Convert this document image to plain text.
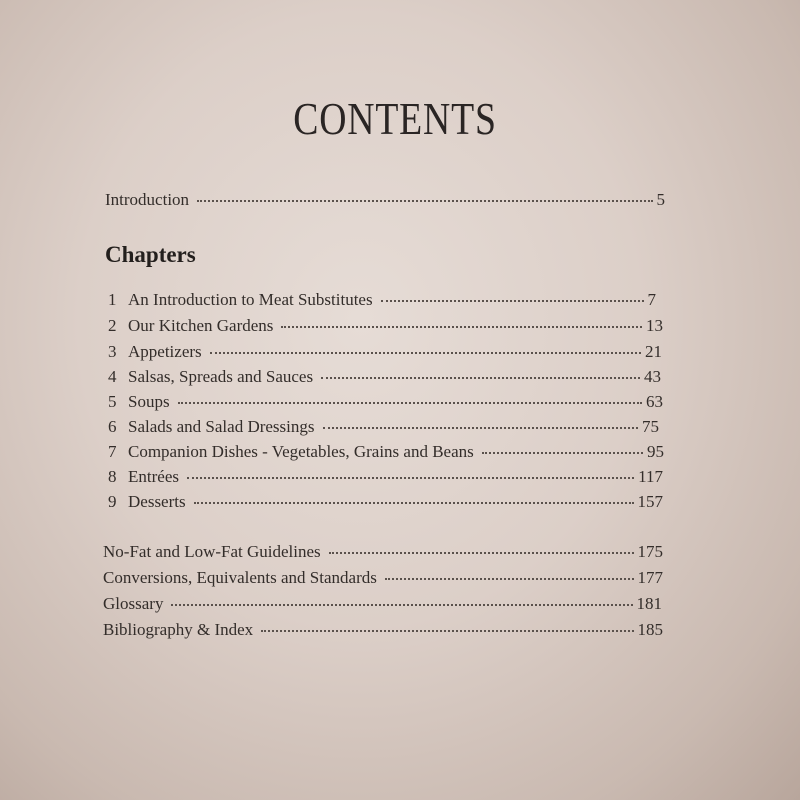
CONTENTS
Introduction	5
Chapters
1 An Introduction to Meat Substitutes	7
2 Our Kitchen Gardens	13
3 Appetizers	21
4 Salsas, Spreads and Sauces	43
5 Soups	63
6 Salads and Salad Dressings	75
7 Companion Dishes - Vegetables, Grains and Beans	95
8 Entrées	117
9 Desserts	157
No-Fat and Low-Fat Guidelines	175
Conversions, Equivalents and Standards	177
Glossary	181
Bibliography & Index	185
